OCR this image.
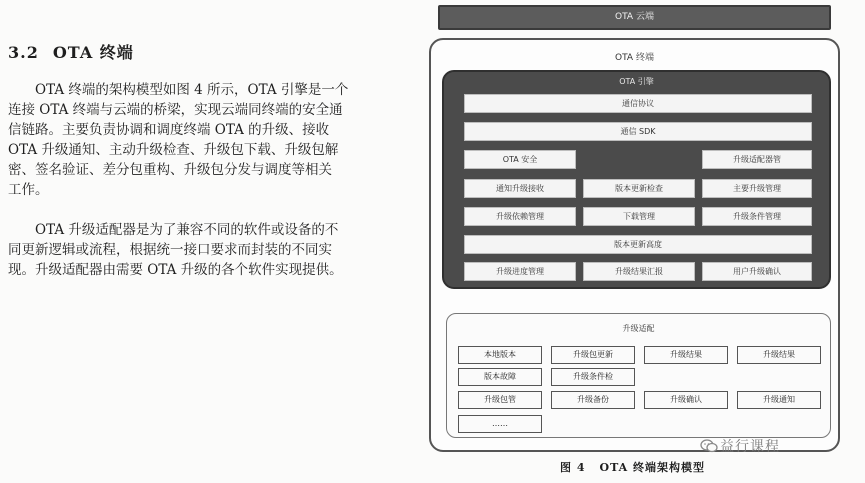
3.2 OTA 终端
OTA 终端的架构模型如图 4 所示，OTA 引擎是一个
连接 OTA 终端与云端的桥梁，实现云端同终端的安全通
信链路。主要负责协调和调度终端 OTA 的升级、接收
OTA 升级通知、主动升级检查、升级包下载、升级包解
密、签名验证、差分包重构、升级包分发与调度等相关
工作。
OTA 升级适配器是为了兼容不同的软件或设备的不
同更新逻辑或流程，根据统一接口要求而封装的不同实
现。升级适配器由需要 OTA 升级的各个软件实现提供。
OTA 云端
OTA 终端
OTA 引擎
通信协议
通信 SDK
OTA 安全	升级适配器管
通知升级接收	版本更新检查	主要升级管理
升级依赖管理	下载管理	升级条件管理
版本更新高度
升级进度管理	升级结果汇报	用户升级确认
升级适配
本地版本	升级包更新	升级结果	升级结果
版本故障	升级条件检
升级包管	升级备份	升级确认	升级通知
……
图 4 OTA 终端架构模型
益行课程
